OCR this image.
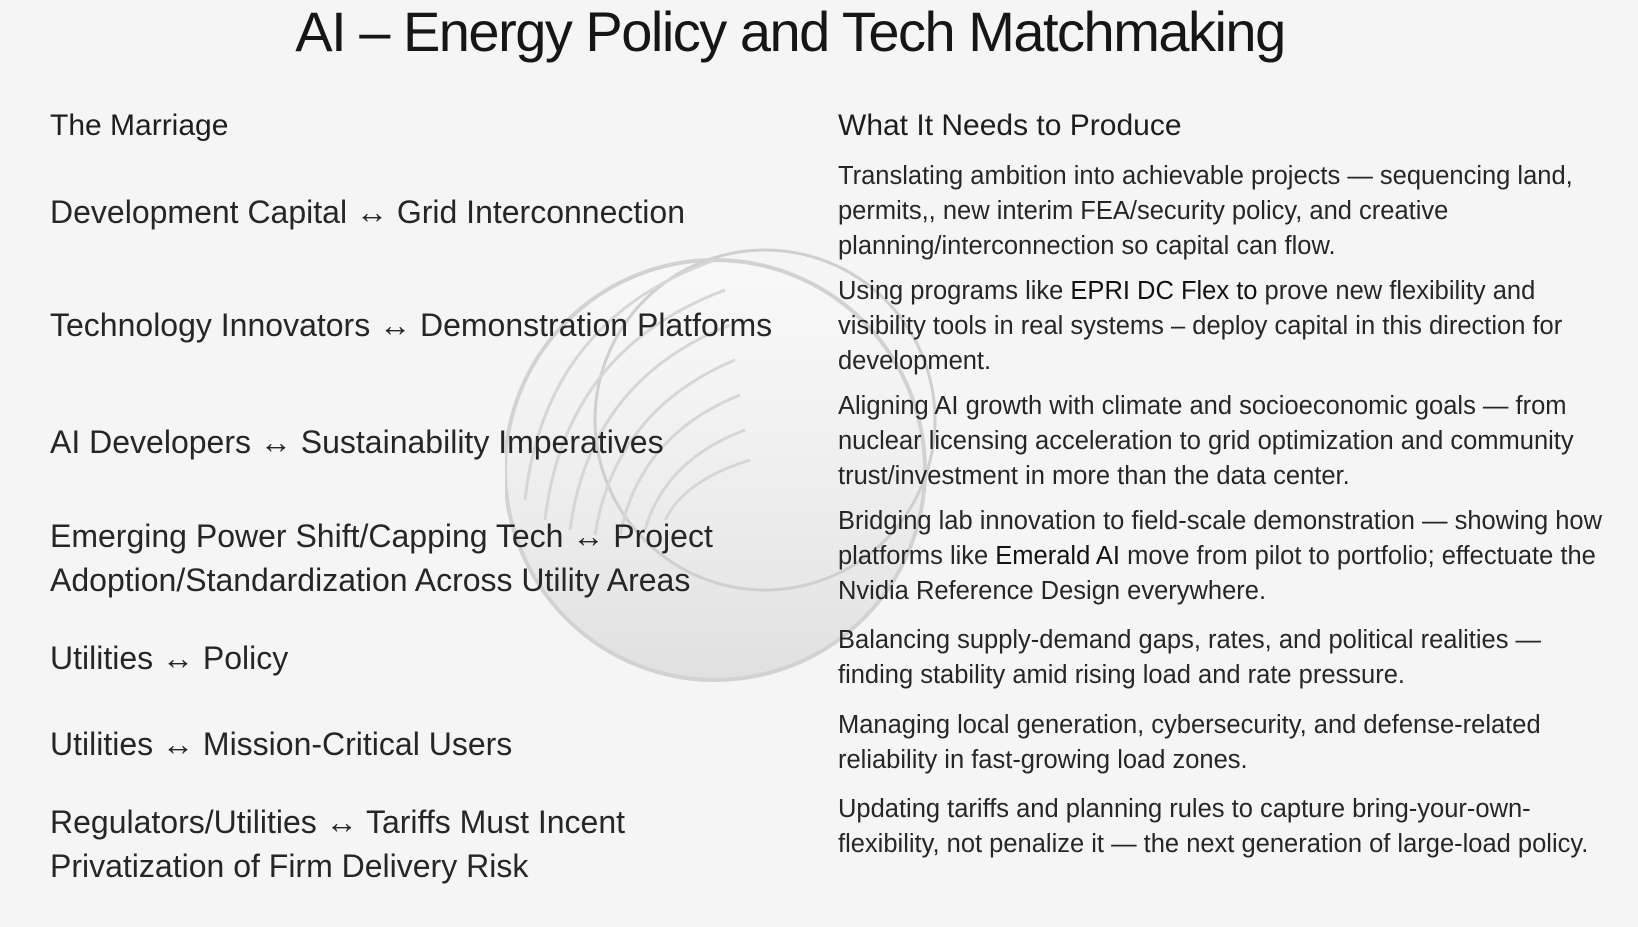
AI – Energy Policy and Tech Matchmaking
The Marriage	What It Needs to Produce
Development Capital ↔ Grid Interconnection
Technology Innovators ↔ Demonstration Platforms
AI Developers ↔ Sustainability Imperatives
Emerging Power Shift/Capping Tech ↔ Project Adoption/Standardization Across Utility Areas
Utilities ↔ Policy
Utilities ↔ Mission-Critical Users
Regulators/Utilities ↔ Tariffs Must Incent Privatization of Firm Delivery Risk
Translating ambition into achievable projects — sequencing land, permits,, new interim FEA/security policy, and creative planning/interconnection so capital can flow.
Using programs like EPRI DC Flex to prove new flexibility and visibility tools in real systems – deploy capital in this direction for development.
Aligning AI growth with climate and socioeconomic goals — from nuclear licensing acceleration to grid optimization and community trust/investment in more than the data center.
Bridging lab innovation to field-scale demonstration — showing how platforms like Emerald AI move from pilot to portfolio; effectuate the Nvidia Reference Design everywhere.
Balancing supply-demand gaps, rates, and political realities — finding stability amid rising load and rate pressure.
Managing local generation, cybersecurity, and defense-related reliability in fast-growing load zones.
Updating tariffs and planning rules to capture bring-your-own-flexibility, not penalize it — the next generation of large-load policy.
